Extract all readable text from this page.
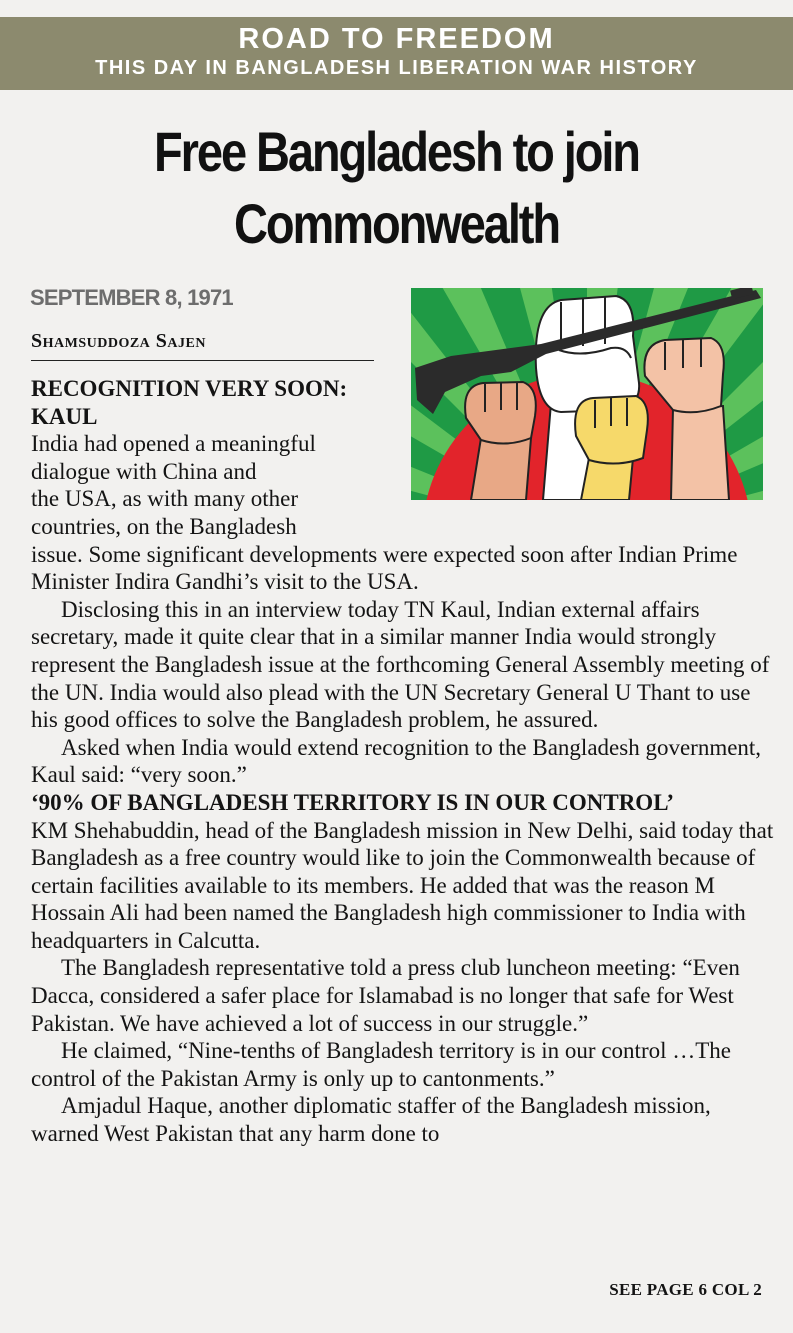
ROAD TO FREEDOM
THIS DAY IN BANGLADESH LIBERATION WAR HISTORY
Free Bangladesh to join
Commonwealth
SEPTEMBER 8, 1971
Shamsuddoza Sajen
RECOGNITION VERY SOON:
KAUL
India had opened a meaningful
dialogue with China and
the USA, as with many other
countries, on the Bangladesh

issue. Some significant developments were expected soon after Indian Prime Minister Indira Gandhi’s visit to the USA.

Disclosing this in an interview today TN Kaul, Indian external affairs secretary, made it quite clear that in a similar manner India would strongly represent the Bangladesh issue at the forthcoming General Assembly meeting of the UN. India would also plead with the UN Secretary General U Thant to use his good offices to solve the Bangladesh problem, he assured.

Asked when India would extend recognition to the Bangladesh government, Kaul said: “very soon.”

‘90% OF BANGLADESH TERRITORY IS IN OUR CONTROL’

KM Shehabuddin, head of the Bangladesh mission in New Delhi, said today that Bangladesh as a free country would like to join the Commonwealth because of certain facilities available to its members. He added that was the reason M Hossain Ali had been named the Bangladesh high commissioner to India with headquarters in Calcutta.

The Bangladesh representative told a press club luncheon meeting: “Even Dacca, considered a safer place for Islamabad is no longer that safe for West Pakistan. We have achieved a lot of success in our struggle.”

He claimed, “Nine-tenths of Bangladesh territory is in our control …The control of the Pakistan Army is only up to cantonments.”

Amjadul Haque, another diplomatic staffer of the Bangladesh mission, warned West Pakistan that any harm done to

SEE PAGE 6 COL 2
